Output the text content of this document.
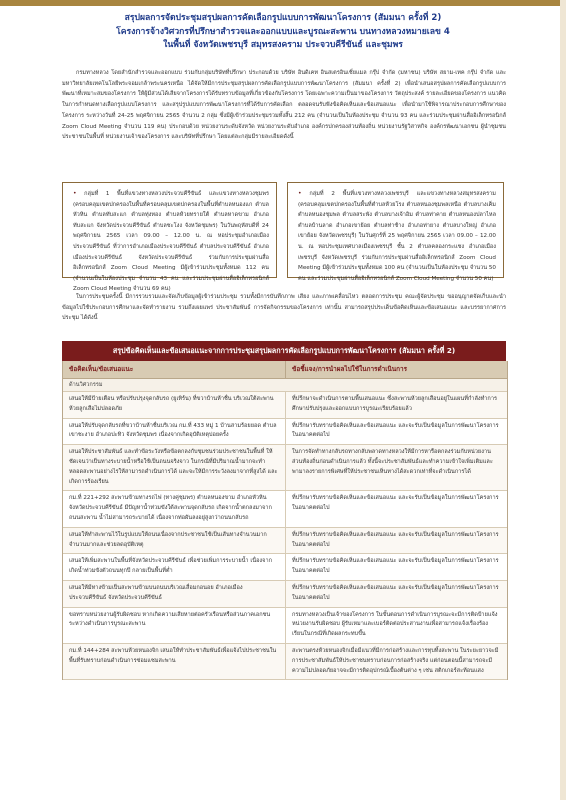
สรุปผลการจัดประชุมสรุปผลการคัดเลือกรูปแบบการพัฒนาโครงการ (สัมมนา ครั้งที่ 2)
โครงการจ้างวิศวกรที่ปรึกษาสำรวจและออกแบบและบูรณะสะพาน บนทางหลวงหมายเลข 4
ในพื้นที่ จังหวัดเพชรบุรี สมุทรสงคราม ประจวบคีรีขันธ์ และชุมพร
กรมทางหลวง โดยสำนักสำรวจและออกแบบ ร่วมกับกลุ่มบริษัทที่ปรึกษา ประกอบด้วย บริษัท อินดิเคท อินสเตรอินเชี่ยแมล กรุ๊ป จำกัด (มหาชน) บริษัท สยาม-เทค กรุ๊ป จำกัด และมหาวิทยาลัยเทคโนโลยีพระจอมเกล้าพระนครเหนือ ได้จัดให้มีการประชุมสรุปผลการคัดเลือกรูปแบบการพัฒนาโครงการ (สัมมนา ครั้งที่ 2) เพื่อนำเสนอสรุปผลการคัดเลือกรูปแบบการพัฒนาที่เหมาะสมของโครงการ ให้ผู้มีส่วนได้เสียจากโครงการได้รับทราบข้อมูลที่เกี่ยวข้องกับโครงการ โดยเฉพาะความเป็นมาของโครงการ วัตถุประสงค์ รายละเอียดของโครงการ แนวคิดในการกำหนดทางเลือกรูปแบบโครงการ และสรุปรูปแบบการพัฒนาโครงการที่ได้รับการคัดเลือก ตลอดจนรับฟังข้อคิดเห็นและข้อเสนอแนะ เพื่อนำมาใช้พิจารณาประกอบการศึกษาของโครงการ ระหว่างวันที่ 24-25 พฤศจิกายน 2565 จำนวน 2 กลุ่ม ซึ่งมีผู้เข้าร่วมประชุมรวมทั้งสิ้น 212 คน (จำนวนเป็นในห้องประชุม จำนวน 93 คน และร่วมประชุมผ่านสื่ออิเล็กทรอนิกส์ Zoom Cloud Meeting จำนวน 119 คน) ประกอบด้วย หน่วยงานระดับจังหวัด หน่วยงานระดับอำเภอ องค์กรปกครองส่วนท้องถิ่น หน่วยงานรัฐวิสาหกิจ องค์กรพัฒนาเอกชน ผู้นำชุมชน ประชาชนในพื้นที่ หน่วยงานเจ้าของโครงการ และบริษัทที่ปรึกษา โดยแต่ละกลุ่มมีรายละเอียดดังนี้

• กลุ่มที่ 1 พื้นที่แขวงทางหลวงประจวบคีรีขันธ์ และแขวงทางหลวงชุมพร (ครอบคลุมเขตปกครองในพื้นที่ครอบคลุมเขตปกครองในพื้นที่ตำบลหนองแก ตำบลหัวหิน ตำบลทับสะแก ตำบลทุ่งทอง ตำบลห้วยทรายใต้ ตำบลหาดขาม อำเภอทับสะแก จังหวัดประจวบคีรีขันธ์ ตำบลชะโงง จังหวัดชุมพร) ในวันพฤหัสบดีที่ 24 พฤศจิกายน 2565 เวลา 09.00 – 12.00 น. ณ หอประชุมอำเภอเมืองประจวบคีรีขันธ์ ที่ว่าการอำเภอเมืองประจวบคีรีขันธ์ ตำบลประจวบคีรีขันธ์ อำเภอเมืองประจวบคีรีขันธ์ จังหวัดประจวบคีรีขันธ์ ร่วมกับการประชุมผ่านสื่ออิเล็กทรอนิกส์ Zoom Cloud Meeting มีผู้เข้าร่วมประชุมทั้งหมด 112 คน (จำนวนเป็นในห้องประชุม จำนวน 43 คน และร่วมประชุมผ่านสื่ออิเล็กทรอนิกส์ Zoom Cloud Meeting จำนวน 69 คน)

• กลุ่มที่ 2 พื้นที่แขวงทางหลวงเพชรบุรี และแขวงทางหลวงสมุทรสงคราม (ครอบคลุมเขตปกครองในพื้นที่ตำบลห้วยโรง ตำบลหนองชุมพลเหนือ ตำบลบางเค็ม ตำบลหนองชุมพล ตำบลสระพัง ตำบลบางเจ้าอิม ตำบลท่าคาย ตำบลหนองปลาไหล ตำบลบ้านลาด อำเภอเขาย้อย ตำบลท่าช้าง อำเภอท่ายาง ตำบลบางใหญ่ อำเภอเขาย้อย จังหวัดเพชรบุรี) ในวันศุกร์ที่ 25 พฤศจิกายน 2565 เวลา 09.00 – 12.00 น. ณ หอประชุมเทศบาลเมืองเพชรบุรี ชั้น 2 ตำบลคลองกระแชง อำเภอเมืองเพชรบุรี จังหวัดเพชรบุรี ร่วมกับการประชุมผ่านสื่ออิเล็กทรอนิกส์ Zoom Cloud Meeting มีผู้เข้าร่วมประชุมทั้งหมด 100 คน (จำนวนเป็นในห้องประชุม จำนวน 50 คน และร่วมประชุมผ่านสื่ออิเล็กทรอนิกส์ Zoom Cloud Meeting จำนวน 50 คน)

ในการประชุมครั้งนี้ มีการรวบรวมและจัดเก็บข้อมูลผู้เข้าร่วมประชุม รวมทั้งมีการบันทึกภาพ เสียง และภาพเคลื่อนไหว ตลอดการประชุม คณะผู้จัดประชุม ขออนุญาตจัดเก็บและนำข้อมูลไปใช้ประกอบการศึกษาและจัดทำรายงาน รวมถึงเผยแพร่ ประชาสัมพันธ์ การจัดกิจกรรมของโครงการ เท่านั้น สามารถสรุปประเด็นข้อคิดเห็นและข้อเสนอแนะ และบรรยากาศการประชุม ได้ดังนี้
สรุปข้อคิดเห็นและข้อเสนอแนะจากการประชุมสรุปผลการคัดเลือกรูปแบบการพัฒนาโครงการ (สัมมนา ครั้งที่ 2)
ข้อคิดเห็น/ข้อเสนอแนะ	ข้อชี้แจง/การนำผลไปใช้ในการดำเนินการ
ด้านวิศวกรรม
เสนอให้มีป้ายเตือน หรือปรับปรุงจุดกลับรถ (ยูเทิร์น) ที่ขวาบ้านห้าชื่น บริเวณใต้สะพานห้วยลูกเสือไม่ปลอดภัย
ที่ปรึกษาจะดำเนินการตามพื้นเสนอแนะ ซึ่งสะพานห้วยลูกเสือนอยู่ในแผนที่กำลังทำการศึกษาปรับปรุงและออกแบบการบูรณะเรียบร้อยแล้ว
เสนอให้ปรับจุดกลับรถที่ขวาบ้านห้าชื่นบริเวณ กม.ที่ 433 หมู่ 1 บ้านสามร้อยยอด ตำบลเขาชะงาย อำเภอปะทิว จังหวัดชุมพร เนื่องจากเกิดอุบัติเหตุบ่อยครั้ง
ที่ปรึกษารับทราบข้อคิดเห็นและข้อเสนอแนะ และจะรับเป็นข้อมูลในการพัฒนาโครงการในอนาคตต่อไป
เสนอให้ประชาสัมพันธ์ และทำข้อระวังหรือข้อตกลงกับชุมชนร่วมประชาชนในพื้นที่ ให้ชัดเจนว่าเป็นทางระบายน้ำหรือใช้เป็นถนนจริงจาว ในกรณีที่มีปริมาณน้ำมากจะทำหลอดสะพานอย่างไรให้สามารถดำเนินการได้ และจะให้มีการระวังลงมาจากที่สูงได้ และเกิดการร้องเรียน
ในการจัดทำทางกลับรถทางกลับพลาดทางหลวงให้มีการหารือตกลงร่วมกับหน่วยงานส่วนท้องถิ่นก่อนดำเนินการแล้ว ทั้งนี้จะประชาสัมพันธ์และทำความเข้าใจเพิ่มเติมและพามาลงรายการพิเศษที่ให้ประชาชนเห็นทางได้สะดวกเท่าที่จะดำเนินการได้
กม.ที่ 221+292 สะพานข้ามทางรถไฟ (ทางคู่ชุมพร) ตำบลหนองขาม อำเภอหัวหิน จังหวัดประจวบคีรีขันธ์ มีปัญหาน้ำท่วมขังใต้สะพานจุดกลับรถ เกิดจากน้ำตกลงมาจากถนนสะพาน น้ำไม่สามารถระบายได้ เนื่องจากท่อผันลงอยู่สูงกว่าถนนกลับรถ
ที่ปรึกษารับทราบข้อคิดเห็นและข้อเสนอแนะ และจะรับเป็นข้อมูลในการพัฒนาโครงการในอนาคตต่อไป
เสนอให้ทำสะพานไว้ในรูปแบบให้ถนนเนื่องจากประชาชนใช้เป็นเส้นทางจำนวนมากจำนวนมากและช่วยลดอุบัติเหตุ
ที่ปรึกษารับทราบข้อคิดเห็นและข้อเสนอแนะ และจะรับเป็นข้อมูลในการพัฒนาโครงการในอนาคตต่อไป
เสนอให้เพิ่มสะพานในพื้นที่จังหวัดประจวบคีรีขันธ์ เพื่อช่วยเพิ่มการระบายน้ำ เนื่องจากเกิดน้ำท่วมขังตัวถนนทุกปี กลายเป็นพื้นที่ต่ำ
ที่ปรึกษารับทราบข้อคิดเห็นและข้อเสนอแนะ และจะรับเป็นข้อมูลในการพัฒนาโครงการในอนาคตต่อไป
เสนอให้มีทางข้ามเป็นสะพานข้ามบนถนนบริเวณเสื่อมกอนอย อำเภอเมืองประจวบคีรีขันธ์ จังหวัดประจวบคีรีขันธ์
ที่ปรึกษารับทราบข้อคิดเห็นและข้อเสนอแนะ และจะรับเป็นข้อมูลในการพัฒนาโครงการในอนาคตต่อไป
ขอทราบหน่วยงานผู้รับผิดชอบ หากเกิดความเสียหายต่อครัวเรือนหรือส่วนภาคเอกชนระหว่างดำเนินการบูรณะสะพาน
กรมทางหลวงเป็นเจ้าของโครงการ ในขั้นตอนการดำเนินการบูรณะจะมีการติดป้ายแจ้งหน่วยงานรับผิดชอบ ผู้รับเหมาและเบอร์ติดต่อประสานงานเพื่อสามารถแจ้งเรื่องร้องเรียนในกรณีที่เกิดผลกระทบขึ้น
กม.ที่ 144+284 สะพานห้วยหนองจิก เสนอให้ทำประชาสัมพันธ์เพื่อแจ้งไปประชาชนในพื้นที่รับทราบก่อนดำเนินการซ่อมแซมสะพาน
สะพานตรงห้วยหนองจิกเมื่อมีแนวที่มีการก่อสร้างและการทุบทิ้งสะพาน ในระยะยาวจะมีการประชาสัมพันธ์ให้ประชาชนทราบก่อนการก่อสร้างจริง แต่ก่อนตอนนี้สามารถจะมีความไม่ปลอดภัยอาจจะมีการติดอุปกรณ์เบื้องต้นต่าง ๆ เช่น สติกเกอร์สะท้อนแสง
